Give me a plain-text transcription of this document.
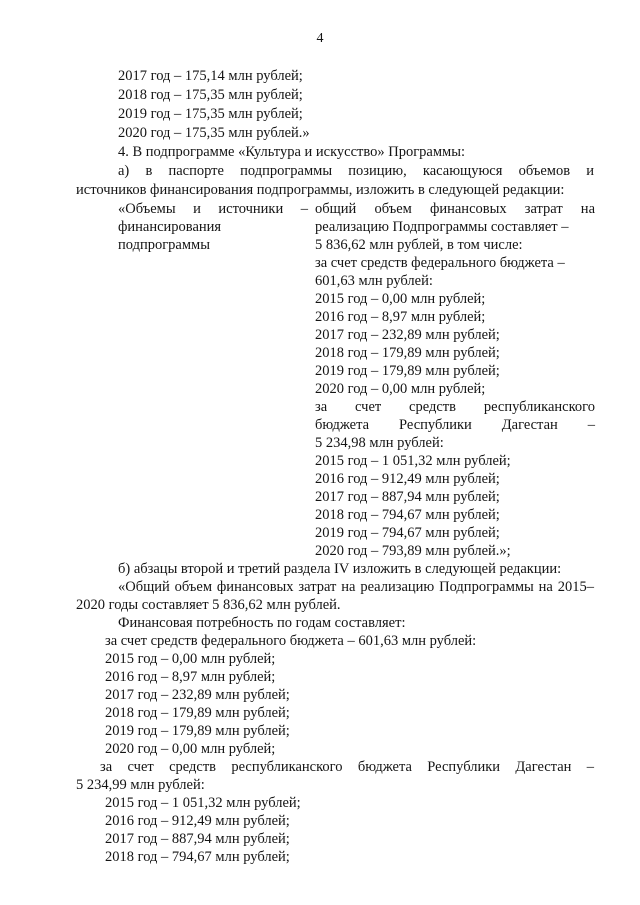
4
2017 год – 175,14 млн рублей;
2018 год – 175,35 млн рублей;
2019 год – 175,35 млн рублей;
2020 год – 175,35 млн рублей.»
4. В подпрограмме «Культура и искусство» Программы:
а) в паспорте подпрограммы позицию, касающуюся объемов и
источников финансирования подпрограммы, изложить в следующей редакции:
«Объемы и источники –
финансирования
подпрограммы
общий объем финансовых затрат на
реализацию Подпрограммы составляет –
5 836,62 млн рублей, в том числе:
за счет средств федерального бюджета –
601,63 млн рублей:
2015 год – 0,00 млн рублей;
2016 год – 8,97 млн рублей;
2017 год – 232,89 млн рублей;
2018 год – 179,89 млн рублей;
2019 год – 179,89 млн рублей;
2020 год – 0,00 млн рублей;
за счет средств республиканского
бюджета Республики Дагестан –
5 234,98 млн рублей:
2015 год – 1 051,32 млн рублей;
2016 год – 912,49 млн рублей;
2017 год – 887,94 млн рублей;
2018 год – 794,67 млн рублей;
2019 год – 794,67 млн рублей;
2020 год – 793,89 млн рублей.»;
б) абзацы второй и третий раздела IV изложить в следующей редакции:
«Общий объем финансовых затрат на реализацию Подпрограммы на 2015–
2020 годы составляет 5 836,62 млн рублей.
Финансовая потребность по годам составляет:
за счет средств федерального бюджета – 601,63 млн рублей:
2015 год – 0,00 млн рублей;
2016 год – 8,97 млн рублей;
2017 год – 232,89 млн рублей;
2018 год – 179,89 млн рублей;
2019 год – 179,89 млн рублей;
2020 год – 0,00 млн рублей;
за счет средств республиканского бюджета Республики Дагестан –
5 234,99 млн рублей:
2015 год – 1 051,32 млн рублей;
2016 год – 912,49 млн рублей;
2017 год – 887,94 млн рублей;
2018 год – 794,67 млн рублей;
